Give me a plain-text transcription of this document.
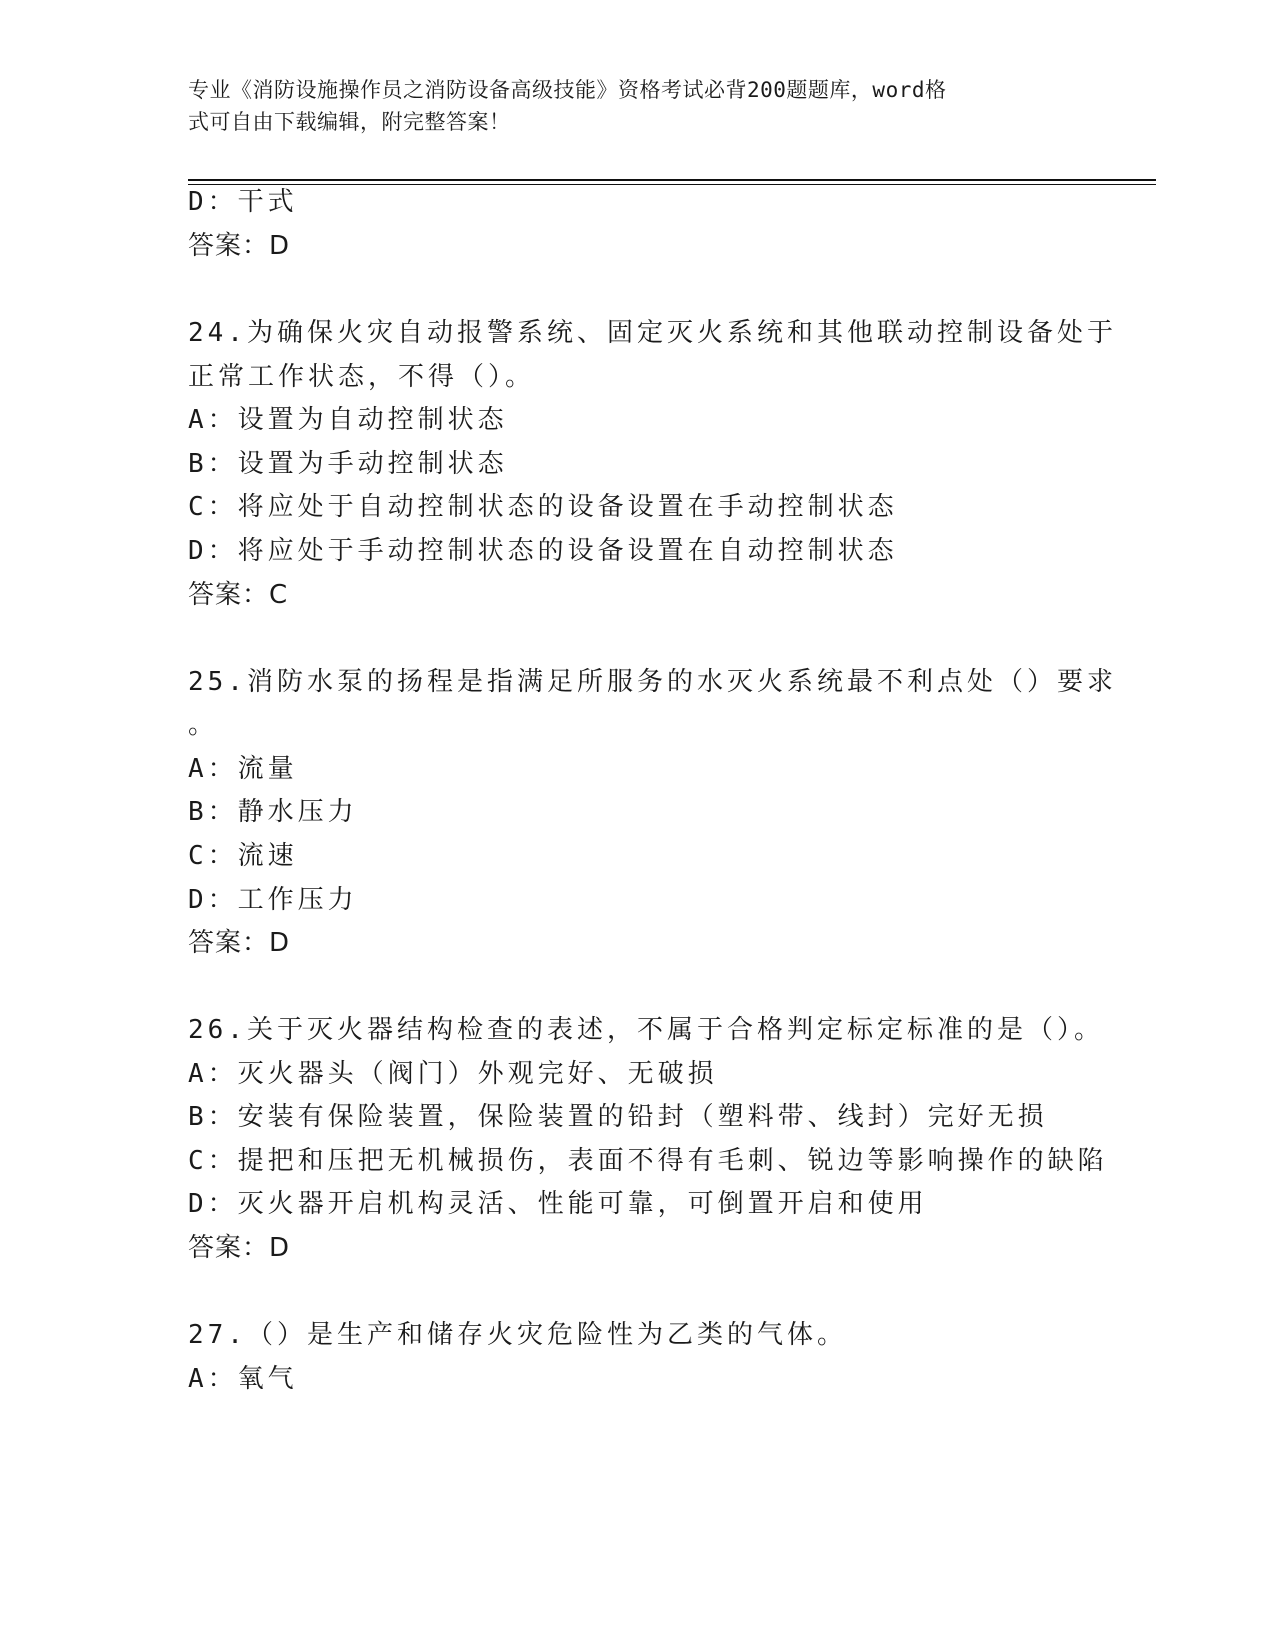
专业《消防设施操作员之消防设备高级技能》资格考试必背200题题库，word格
式可自由下载编辑，附完整答案！
D：干式
答案：D
24.为确保火灾自动报警系统、固定灭火系统和其他联动控制设备处于
正常工作状态，不得（）。
A：设置为自动控制状态
B：设置为手动控制状态
C：将应处于自动控制状态的设备设置在手动控制状态
D：将应处于手动控制状态的设备设置在自动控制状态
答案：C
25.消防水泵的扬程是指满足所服务的水灭火系统最不利点处（）要求
。
A：流量
B：静水压力
C：流速
D：工作压力
答案：D
26.关于灭火器结构检查的表述，不属于合格判定标定标准的是（）。
A：灭火器头（阀门）外观完好、无破损
B：安装有保险装置，保险装置的铅封（塑料带、线封）完好无损
C：提把和压把无机械损伤，表面不得有毛刺、锐边等影响操作的缺陷
D：灭火器开启机构灵活、性能可靠，可倒置开启和使用
答案：D
27.（）是生产和储存火灾危险性为乙类的气体。
A：氧气
